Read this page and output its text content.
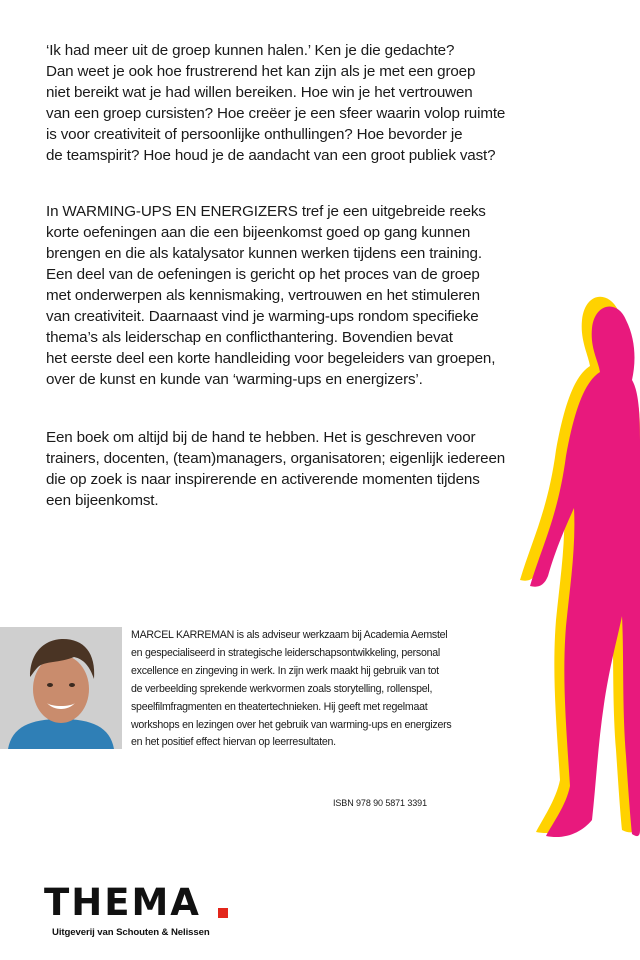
‘Ik had meer uit de groep kunnen halen.’ Ken je die gedachte?
Dan weet je ook hoe frustrerend het kan zijn als je met een groep
niet bereikt wat je had willen bereiken. Hoe win je het vertrouwen
van een groep cursisten? Hoe creëer je een sfeer waarin volop ruimte
is voor creativiteit of persoonlijke onthullingen? Hoe bevorder je
de teamspirit? Hoe houd je de aandacht van een groot publiek vast?

In WARMING-UPS EN ENERGIZERS tref je een uitgebreide reeks
korte oefeningen aan die een bijeenkomst goed op gang kunnen
brengen en die als katalysator kunnen werken tijdens een training.
Een deel van de oefeningen is gericht op het proces van de groep
met onderwerpen als kennismaking, vertrouwen en het stimuleren
van creativiteit. Daarnaast vind je warming-ups rondom specifieke
thema’s als leiderschap en conflicthantering. Bovendien bevat
het eerste deel een korte handleiding voor begeleiders van groepen,
over de kunst en kunde van ‘warming-ups en energizers’.

Een boek om altijd bij de hand te hebben. Het is geschreven voor
trainers, docenten, (team)managers, organisatoren; eigenlijk iedereen
die op zoek is naar inspirerende en activerende momenten tijdens
een bijeenkomst.

MARCEL KARREMAN is als adviseur werkzaam bij Academia Aemstel
en gespecialiseerd in strategische leiderschapsontwikkeling, personal
excellence en zingeving in werk. In zijn werk maakt hij gebruik van tot
de verbeelding sprekende werkvormen zoals storytelling, rollenspel,
speelfilmfragmenten en theatertechnieken. Hij geeft met regelmaat
workshops en lezingen over het gebruik van warming-ups en energizers
en het positief effect hiervan op leerresultaten.

ISBN 978 90 5871 3391
THEMA
Uitgeverij van Schouten & Nelissen
